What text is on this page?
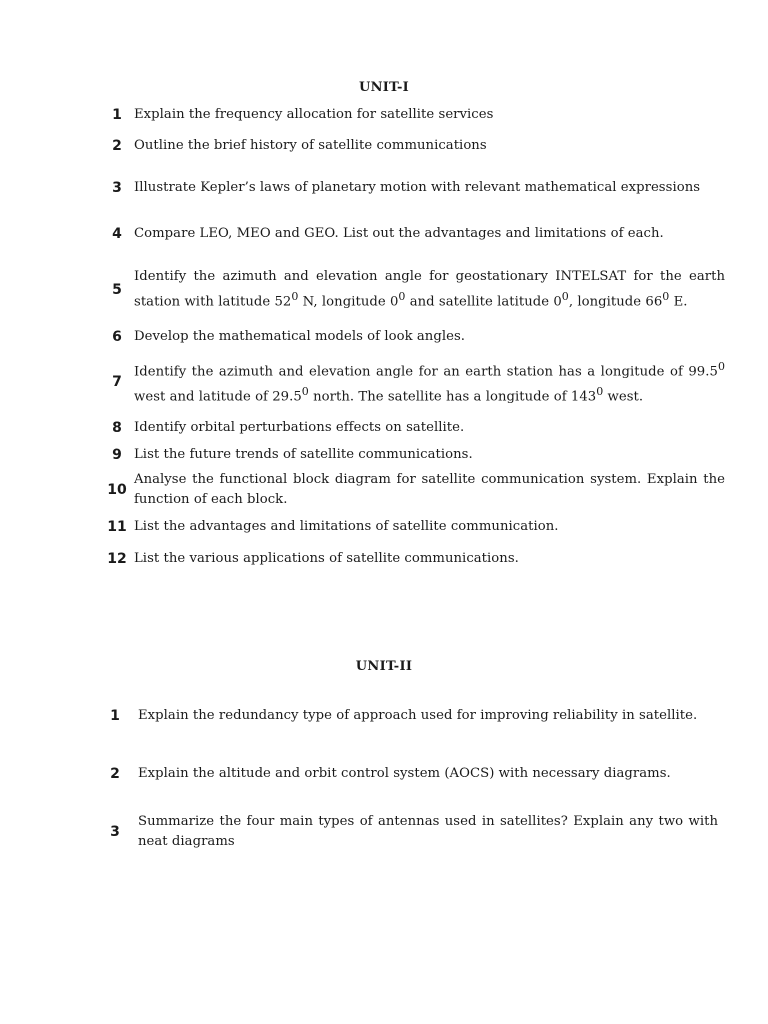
UNIT-I
1 Explain the frequency allocation for satellite services
2 Outline the brief history of satellite communications
3 Illustrate Kepler’s laws of planetary motion with relevant mathematical expressions
4 Compare LEO, MEO and GEO. List out the advantages and limitations of each.
5
Identify the azimuth and elevation angle for geostationary INTELSAT for the earth station with latitude $52^0$ N, longitude $0^0$ and satellite latitude $0^0$, longitude $66^0$ E.
6 Develop the mathematical models of look angles.
7
Identify the azimuth and elevation angle for an earth station has a longitude of 99.5$^0$ west and latitude of 29.5$^0$ north. The satellite has a longitude of $143^0$ west.
8 Identify orbital perturbations effects on satellite.
9 List the future trends of satellite communications.
10
Analyse the functional block diagram for satellite communication system. Explain the function of each block.
11 List the advantages and limitations of satellite communication.
12 List the various applications of satellite communications.
UNIT-II
1	Explain the redundancy type of approach used for improving reliability in satellite.
2	Explain the altitude and orbit control system (AOCS) with necessary diagrams.
3
Summarize the four main types of antennas used in satellites? Explain any two with neat diagrams
